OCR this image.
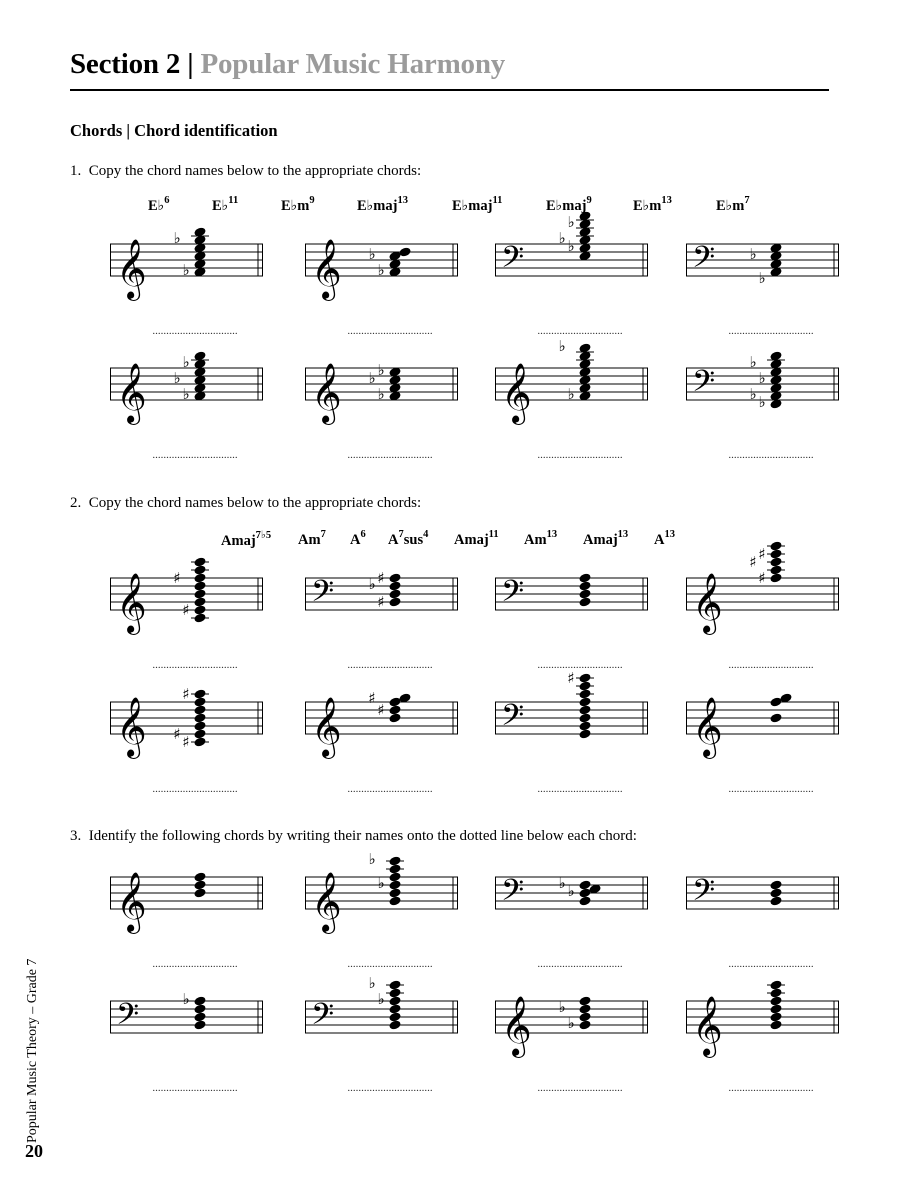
Section 2 | Popular Music Harmony
Chords | Chord identification
1. Copy the chord names below to the appropriate chords:
2. Copy the chord names below to the appropriate chords:
3. Identify the following chords by writing their names onto the dotted line below each chord:
E♭$^6$	E♭$^{11}$	$E♭m^9$	E♭maj$^{13}$	E♭maj$^{11}$	E♭maj$^9$	$E♭m^{13}$	$E♭m^7$
Amaj$^{7♭5}$ Am$^7$ $A^6$ $A^7sus^4$ Amaj$^{11}$ Am$^{13}$ Amaj$^{13}$ $A^{13}$
𝄞 ♭
♭
...............................
𝄞 ♭
♭
...............................
𝄢	♭
♭
♭
...............................
𝄢	♭
♭
...............................
𝄞 ♭
♭
♭
...............................
𝄞 ♭
♭ ♭
...............................
𝄞 ♭
♭
...............................
𝄢	♭
♭
♭
♭
...............................
𝄞 ♯
♯
...............................
𝄢	♯
♭ ♯
...............................
𝄢
...............................
𝄞 ♯
♯ ♯
...............................
𝄞 ♯
♯
♯
...............................
𝄞 ♯
♯
...............................
𝄢
♯
...............................
𝄞
...............................
𝄞
...............................
𝄞 ♭
♭
...............................
𝄢	♭
♭
...............................
𝄢
...............................
𝄢	♭
...............................
𝄢	♭
♭
...............................
𝄞 ♭
♭
...............................
𝄞
...............................
Popular Music Theory – Grade 7
20
